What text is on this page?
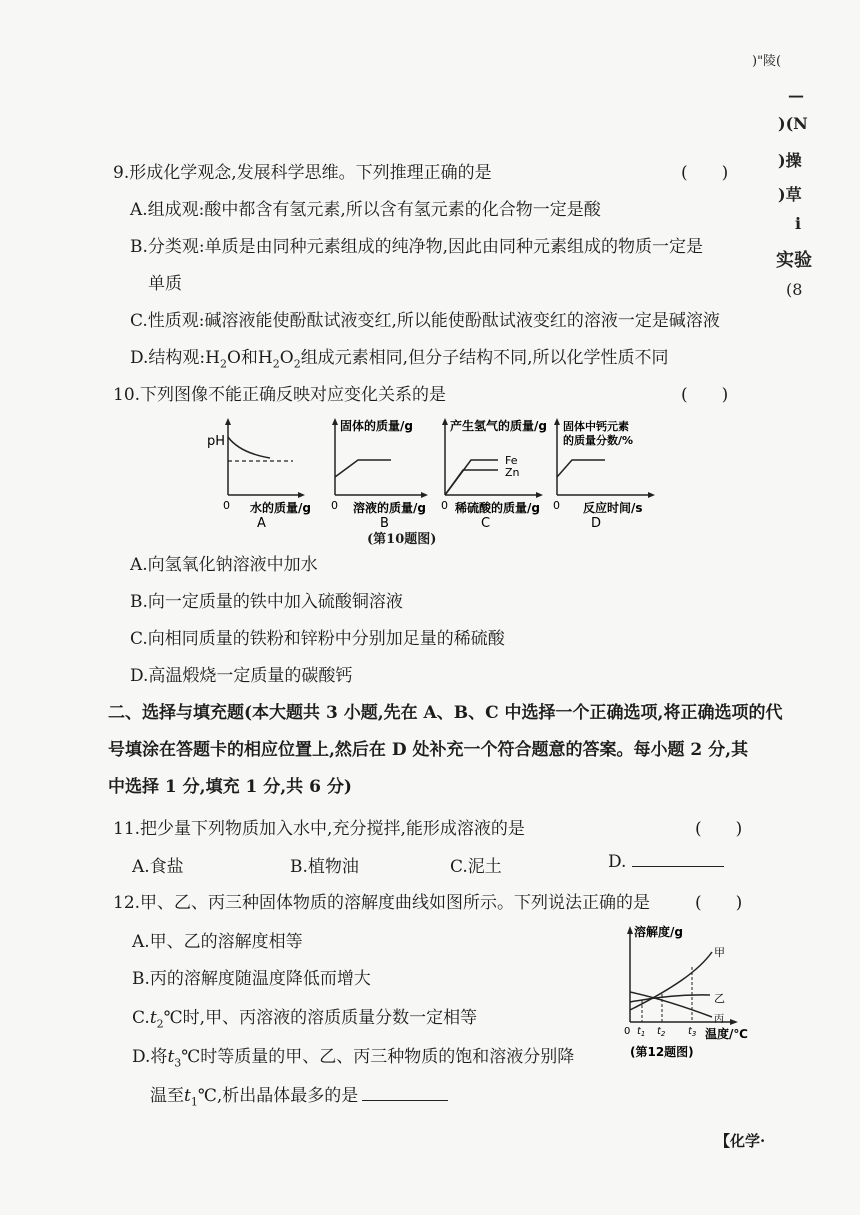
)"陵(
—
)(N
)操
)草
i
实验
(8
9.形成化学观念,发展科学思维。下列推理正确的是	(　　)
A.组成观:酸中都含有氢元素,所以含有氢元素的化合物一定是酸
B.分类观:单质是由同种元素组成的纯净物,因此由同种元素组成的物质一定是
单质
C.性质观:碱溶液能使酚酞试液变红,所以能使酚酞试液变红的溶液一定是碱溶液
D.结构观$:H_2O$和$H_2O_2$组成元素相同,但分子结构不同,所以化学性质不同
10.下列图像不能正确反映对应变化关系的是	(　　)
pH
0 水的质量/g
A
固体的质量/g
0 溶液的质量/g
B
产生氢气的质量/g
Fe
Zn
0 稀硫酸的质量/g
C
固体中钙元素
的质量分数/%
0 反应时间/s
D
(第10题图)
A.向氢氧化钠溶液中加水
B.向一定质量的铁中加入硫酸铜溶液
C.向相同质量的铁粉和锌粉中分别加足量的稀硫酸
D.高温煅烧一定质量的碳酸钙
二、选择与填充题(本大题共 3 小题,先在 A、B、C 中选择一个正确选项,将正确选项的代
号填涂在答题卡的相应位置上,然后在 D 处补充一个符合题意的答案。每小题 2 分,其
中选择 1 分,填充 1 分,共 6 分)
11.把少量下列物质加入水中,充分搅拌,能形成溶液的是	(　　)
A.食盐	B.植物油	C.泥土	D.
12.甲、乙、丙三种固体物质的溶解度曲线如图所示。下列说法正确的是	(　　)
A.甲、乙的溶解度相等
B.丙的溶解度随温度降低而增大
$C.t_2℃$时,甲、丙溶液的溶质质量分数一定相等
D.将$t_3℃$时等质量的甲、乙、丙三种物质的饱和溶液分别降
温至$t_1℃$,析出晶体最多的是
溶解度/g
甲
乙
丙
0 $t_1$ $t_2$ $t_3$ 温度/℃
(第12题图)
【化学·
